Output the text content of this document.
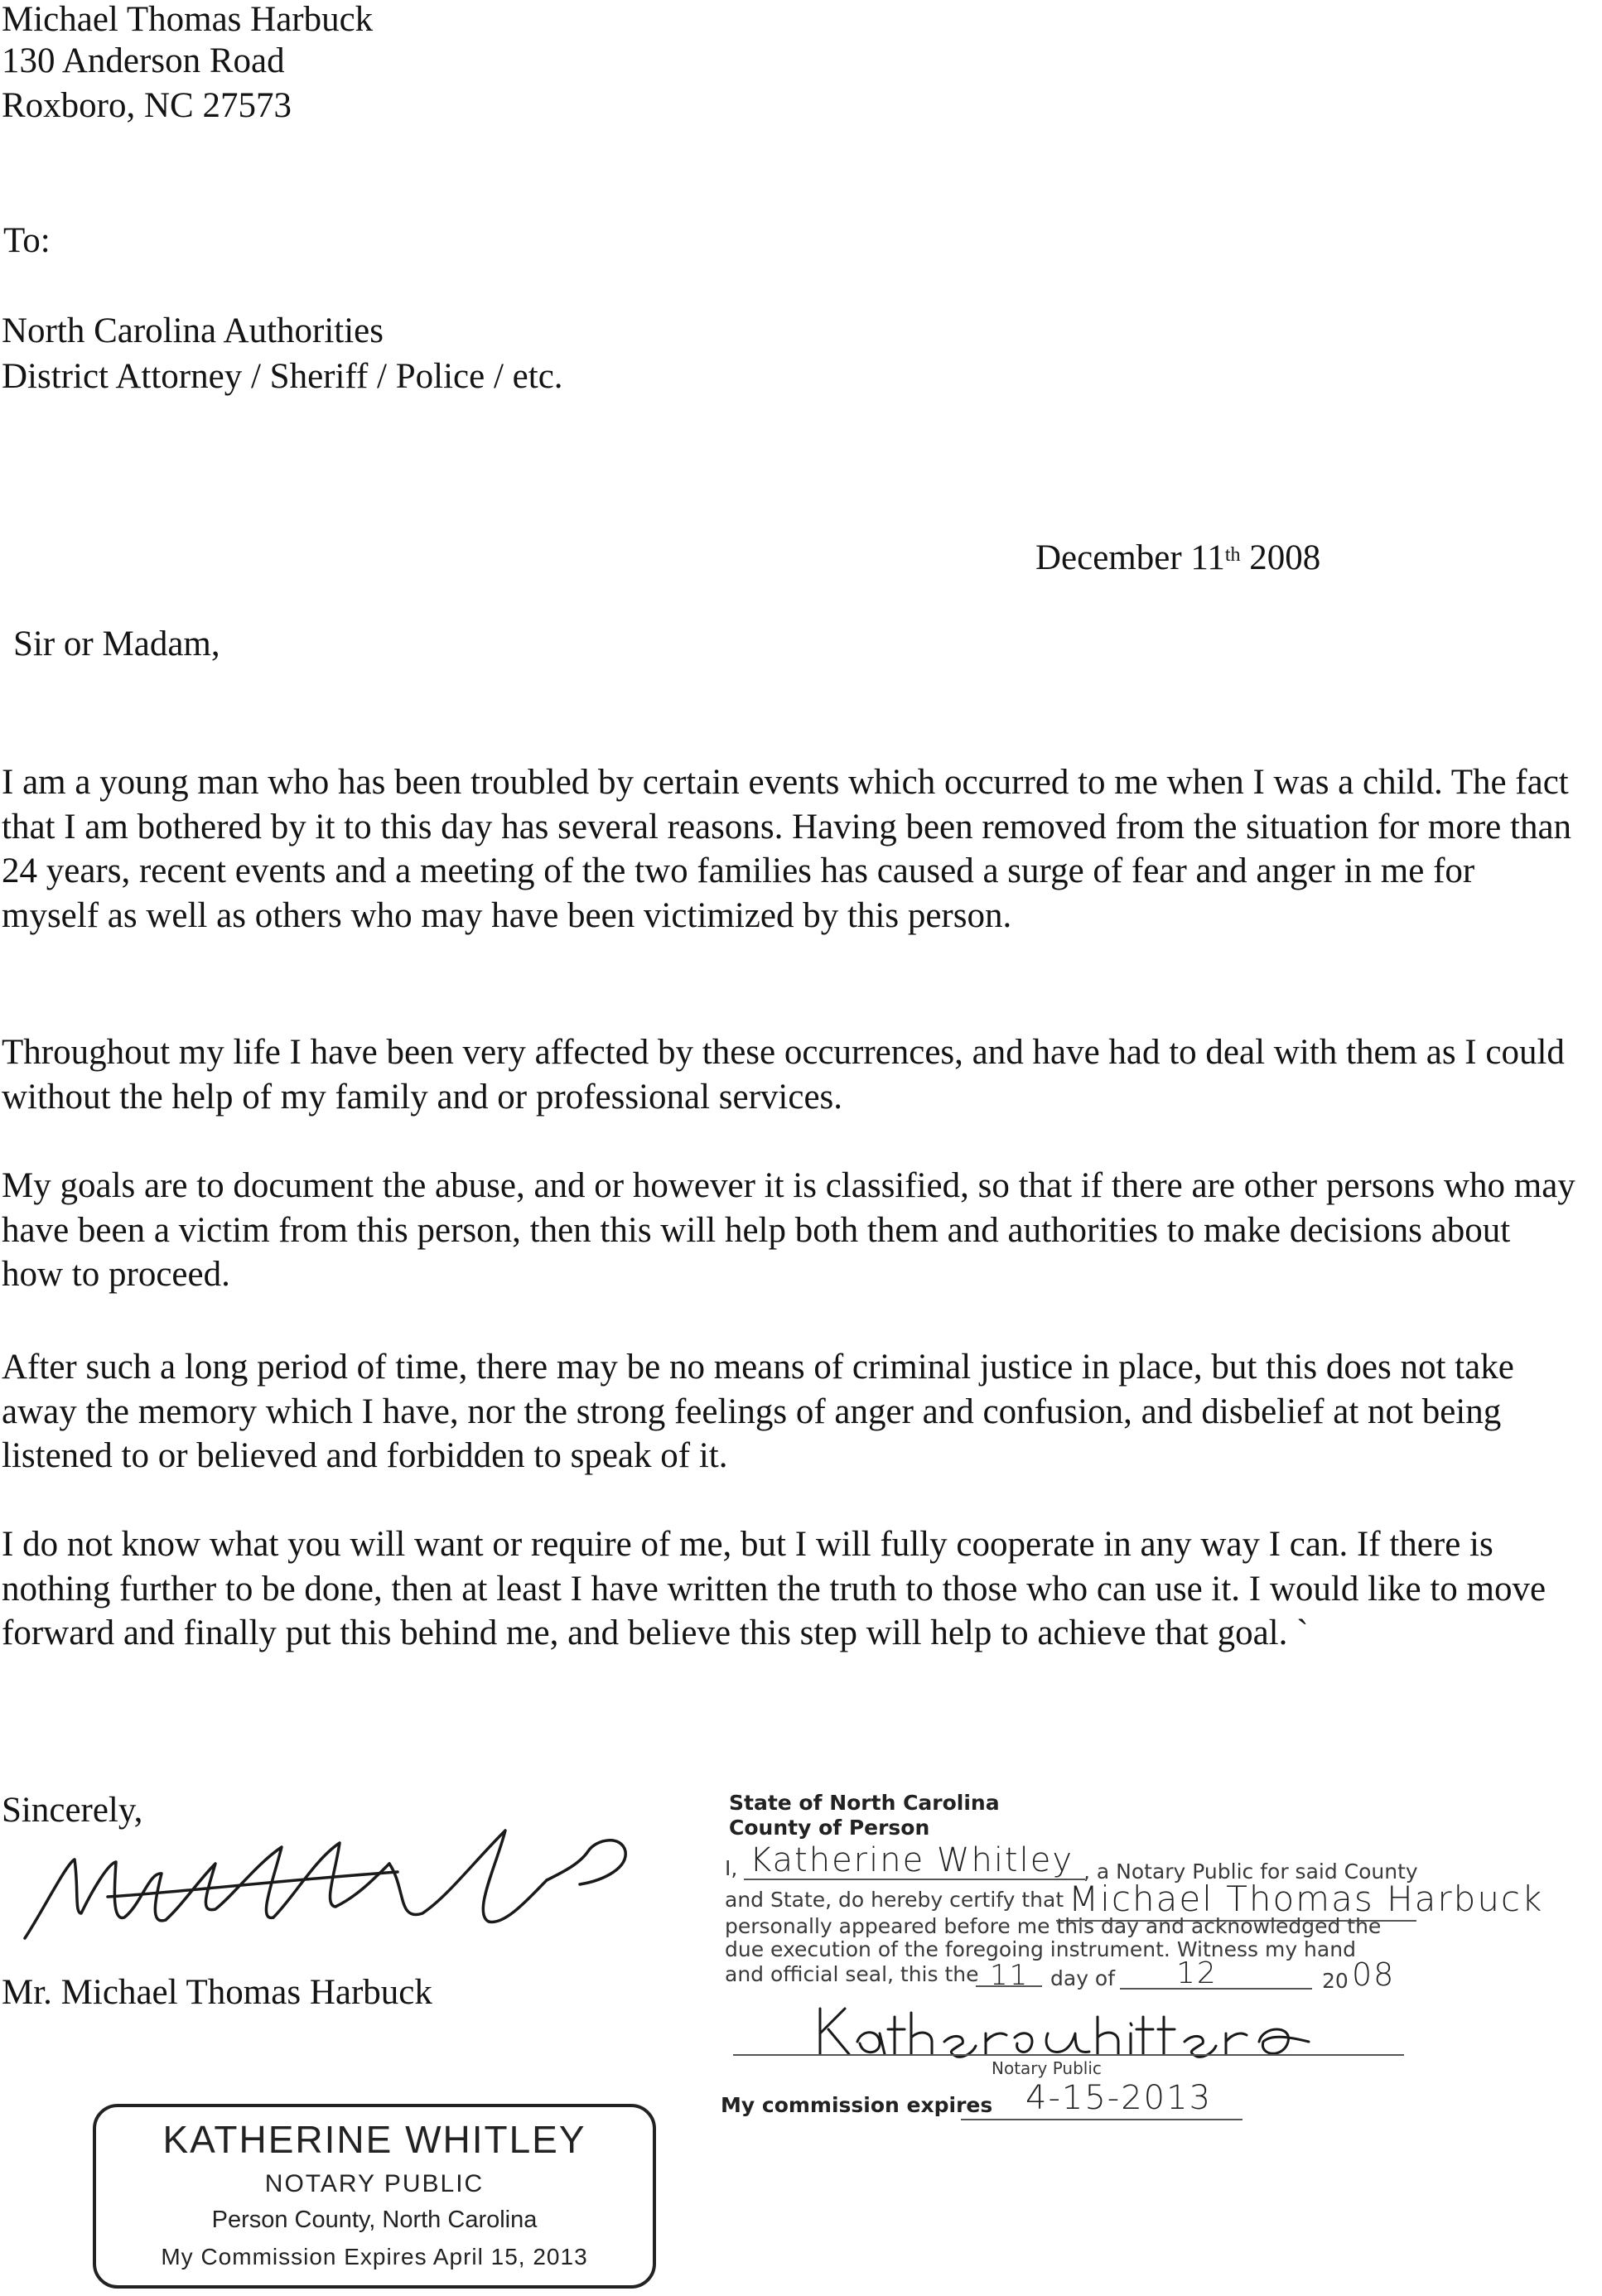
Michael Thomas Harbuck
130 Anderson Road
Roxboro, NC 27573
To:
North Carolina Authorities
District Attorney / Sheriff / Police / etc.
December 11th 2008
Sir or Madam,
I am a young man who has been troubled by certain events which occurred to me when I was a child. The fact that I am bothered by it to this day has several reasons. Having been removed from the situation for more than 24 years, recent events and a meeting of the two families has caused a surge of fear and anger in me for myself as well as others who may have been victimized by this person.
Throughout my life I have been very affected by these occurrences, and have had to deal with them as I could without the help of my family and or professional services.
My goals are to document the abuse, and or however it is classified, so that if there are other persons who may have been a victim from this person, then this will help both them and authorities to make decisions about how to proceed.
After such a long period of time, there may be no means of criminal justice in place, but this does not take away the memory which I have, nor the strong feelings of anger and confusion, and disbelief at not being listened to or believed and forbidden to speak of it.
I do not know what you will want or require of me, but I will fully cooperate in any way I can. If there is nothing further to be done, then at least I have written the truth to those who can use it. I would like to move forward and finally put this behind me, and believe this step will help to achieve that goal. `
Sincerely,
Mr. Michael Thomas Harbuck
State of North Carolina
County of Person
I, Katherine Whitley , a Notary Public for said County
and State, do hereby certify that Michael Thomas Harbuck
personally appeared before me this day and acknowledged the
due execution of the foregoing instrument. Witness my hand
and official seal, this the 11 day of 12	20 08
Notary Public
My commission expires 4-15-2013
KATHERINE WHITLEY
NOTARY PUBLIC
Person County, North Carolina
My Commission Expires April 15, 2013
